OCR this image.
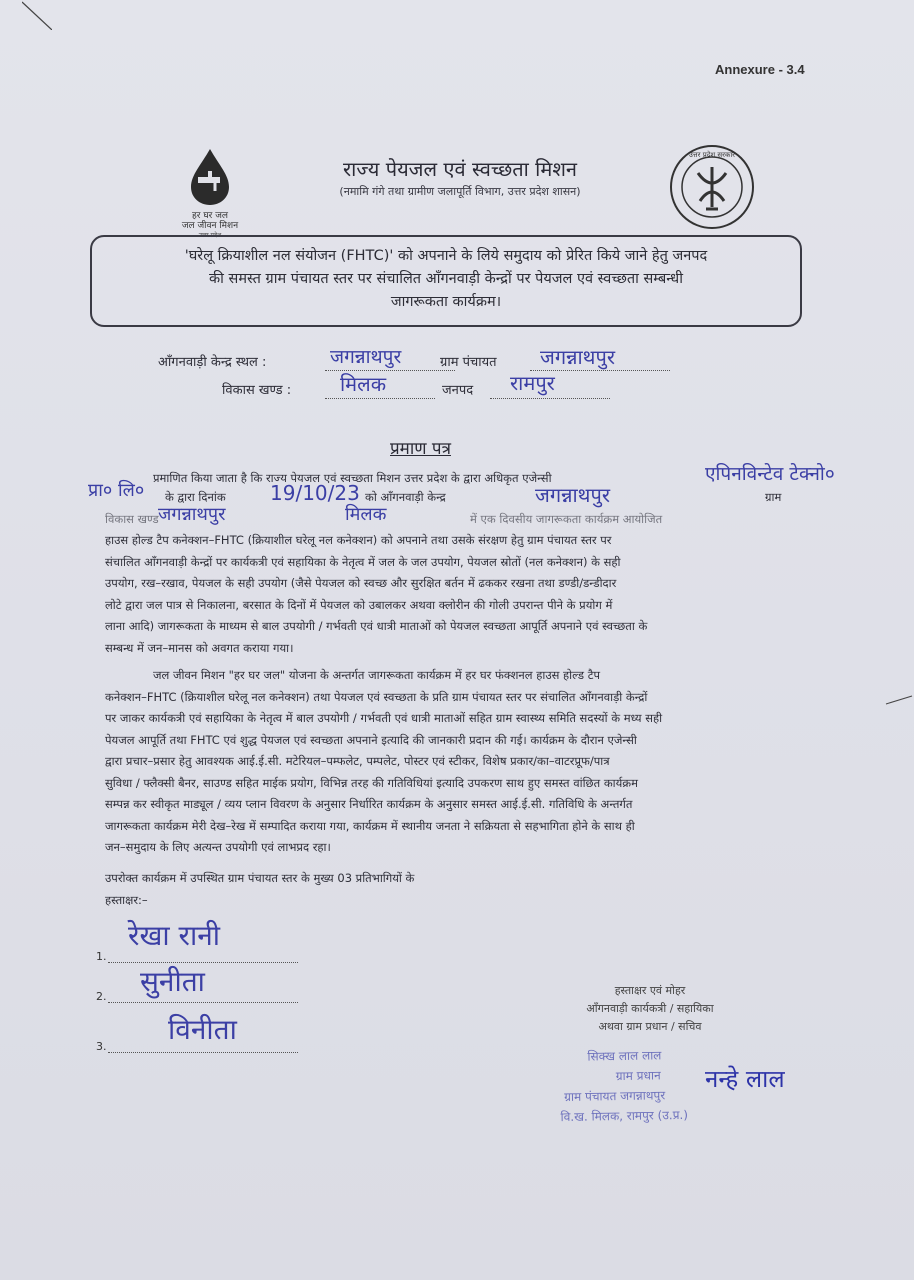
Annexure - 3.4
हर घर जल
जल जीवन मिशन
उत्तर प्रदेश
राज्य पेयजल एवं स्वच्छता मिशन
(नमामि गंगे तथा ग्रामीण जलापूर्ति विभाग, उत्तर प्रदेश शासन)
उत्तर प्रदेश सरकार
'घरेलू क्रियाशील नल संयोजन (FHTC)' को अपनाने के लिये समुदाय को प्रेरित किये जाने हेतु जनपद
की समस्त ग्राम पंचायत स्तर पर संचालित आँगनवाड़ी केन्द्रों पर पेयजल एवं स्वच्छता सम्बन्धी
जागरूकता कार्यक्रम।
आँगनवाड़ी केन्द्र स्थल :	जगन्नाथपुर	ग्राम पंचायत जगन्नाथपुर
विकास खण्ड : मिलक	जनपद रामपुर
प्रमाण पत्र
प्रमाणित किया जाता है कि राज्य पेयजल एवं स्वच्छता मिशन उत्तर प्रदेश के द्वारा अधिकृत एजेन्सी	एपिनविन्टेव टेक्नो०
प्रा० लि० के द्वारा दिनांक 19/10/23 को आँगनवाड़ी केन्द्र	जगन्नाथपुर	ग्राम
विकास खण्ड जगन्नाथपुर	मिलक	में एक दिवसीय जागरूकता कार्यक्रम आयोजित
हाउस होल्ड टैप कनेक्शन–FHTC (क्रियाशील घरेलू नल कनेक्शन) को अपनाने तथा उसके संरक्षण हेतु ग्राम पंचायत स्तर पर
संचालित आँगनवाड़ी केन्द्रों पर कार्यकत्री एवं सहायिका के नेतृत्व में जल के जल उपयोग, पेयजल स्रोतों (नल कनेक्शन) के सही
उपयोग, रख–रखाव, पेयजल के सही उपयोग (जैसे पेयजल को स्वच्छ और सुरक्षित बर्तन में ढककर रखना तथा डण्डी/डन्डीदार
लोटे द्वारा जल पात्र से निकालना, बरसात के दिनों में पेयजल को उबालकर अथवा क्लोरीन की गोली उपरान्त पीने के प्रयोग में
लाना आदि) जागरूकता के माध्यम से बाल उपयोगी / गर्भवती एवं धात्री माताओं को पेयजल स्वच्छता आपूर्ति अपनाने एवं स्वच्छता के
सम्बन्ध में जन–मानस को अवगत कराया गया।
जल जीवन मिशन "हर घर जल" योजना के अन्तर्गत जागरूकता कार्यक्रम में हर घर फंक्शनल हाउस होल्ड टैप
कनेक्शन–FHTC (क्रियाशील घरेलू नल कनेक्शन) तथा पेयजल एवं स्वच्छता के प्रति ग्राम पंचायत स्तर पर संचालित आँगनवाड़ी केन्द्रों
पर जाकर कार्यकत्री एवं सहायिका के नेतृत्व में बाल उपयोगी / गर्भवती एवं धात्री माताओं सहित ग्राम स्वास्थ्य समिति सदस्यों के मध्य सही
पेयजल आपूर्ति तथा FHTC एवं शुद्ध पेयजल एवं स्वच्छता अपनाने इत्यादि की जानकारी प्रदान की गई। कार्यक्रम के दौरान एजेन्सी
द्वारा प्रचार–प्रसार हेतु आवश्यक आई.ई.सी. मटेरियल–पम्फलेट, पम्पलेट, पोस्टर एवं स्टीकर, विशेष प्रकार/का–वाटरप्रूफ/पात्र
सुविधा / फ्लैक्सी बैनर, साउण्ड सहित माईक प्रयोग, विभिन्न तरह की गतिविधियां इत्यादि उपकरण साथ हुए समस्त वांछित कार्यक्रम
सम्पन्न कर स्वीकृत माड्यूल / व्यय प्लान विवरण के अनुसार निर्धारित कार्यक्रम के अनुसार समस्त आई.ई.सी. गतिविधि के अन्तर्गत
जागरूकता कार्यक्रम मेरी देख–रेख में सम्पादित कराया गया, कार्यक्रम में स्थानीय जनता ने सक्रियता से सहभागिता होने के साथ ही
जन–समुदाय के लिए अत्यन्त उपयोगी एवं लाभप्रद रहा।
उपरोक्त कार्यक्रम में उपस्थित ग्राम पंचायत स्तर के मुख्य 03 प्रतिभागियों के
हस्ताक्षर:–
1.
रेखा रानी
2. सुनीता
3.
विनीता
हस्ताक्षर एवं मोहर
आँगनवाड़ी कार्यकत्री / सहायिका
अथवा ग्राम प्रधान / सचिव
सिक्ख लाल लाल
ग्राम प्रधान
ग्राम पंचायत जगन्नाथपुर
वि.ख. मिलक, रामपुर (उ.प्र.)
नन्हे लाल
